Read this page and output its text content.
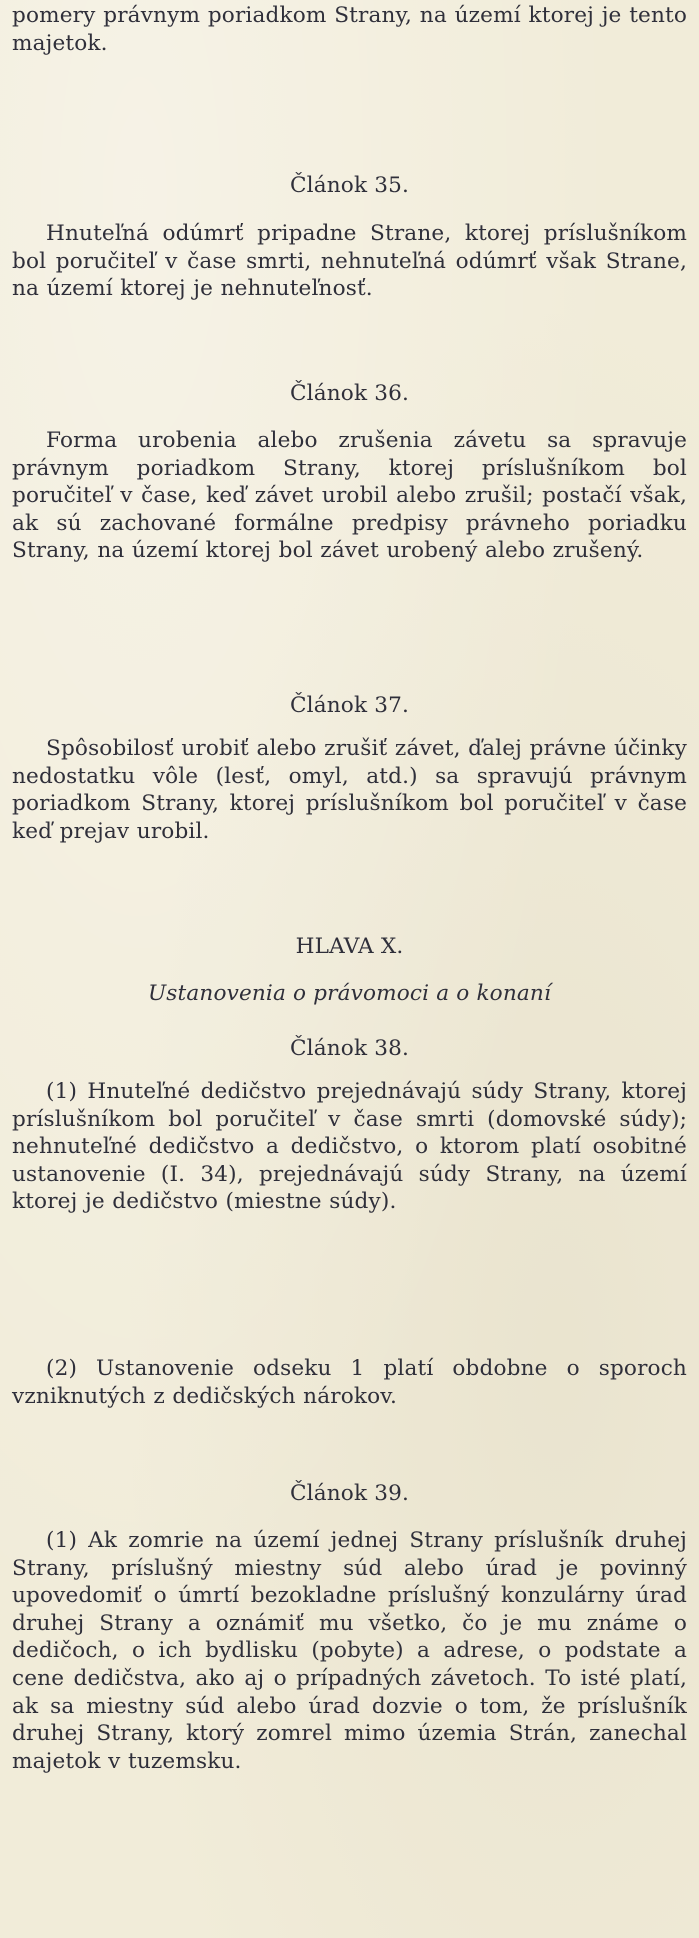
pomery právnym poriadkom Strany, na území ktorej je tento majetok.

Článok 35.

Hnuteľná odúmrť pripadne Strane, ktorej príslušníkom bol poručiteľ v čase smrti, nehnuteľná odúmrť však Strane, na území ktorej je nehnuteľnosť.

Článok 36.

Forma urobenia alebo zrušenia závetu sa spravuje právnym poriadkom Strany, ktorej príslušníkom bol poručiteľ v čase, keď závet urobil alebo zrušil; postačí však, ak sú zachované formálne predpisy právneho poriadku Strany, na území ktorej bol závet urobený alebo zrušený.

Článok 37.

Spôsobilosť urobiť alebo zrušiť závet, ďalej právne účinky nedostatku vôle (lesť, omyl, atd.) sa spravujú právnym poriadkom Strany, ktorej príslušníkom bol poručiteľ v čase keď prejav urobil.

HLAVA X.
Ustanovenia o právomoci a o konaní
Článok 38.

(1) Hnuteľné dedičstvo prejednávajú súdy Strany, ktorej príslušníkom bol poručiteľ v čase smrti (domovské súdy); nehnuteľné dedičstvo a dedičstvo, o ktorom platí osobitné ustanovenie (I. 34), prejednávajú súdy Strany, na území ktorej je dedičstvo (miestne súdy).

(2) Ustanovenie odseku 1 platí obdobne o sporoch vzniknutých z dedičských nárokov.

Článok 39.

(1) Ak zomrie na území jednej Strany príslušník druhej Strany, príslušný miestny súd alebo úrad je povinný upovedomiť o úmrtí bezokladne príslušný konzulárny úrad druhej Strany a oznámiť mu všetko, čo je mu známe o dedičoch, o ich bydlisku (pobyte) a adrese, o podstate a cene dedičstva, ako aj o prípadných závetoch. To isté platí, ak sa miestny súd alebo úrad dozvie o tom, že príslušník druhej Strany, ktorý zomrel mimo územia Strán, zanechal majetok v tuzemsku.
